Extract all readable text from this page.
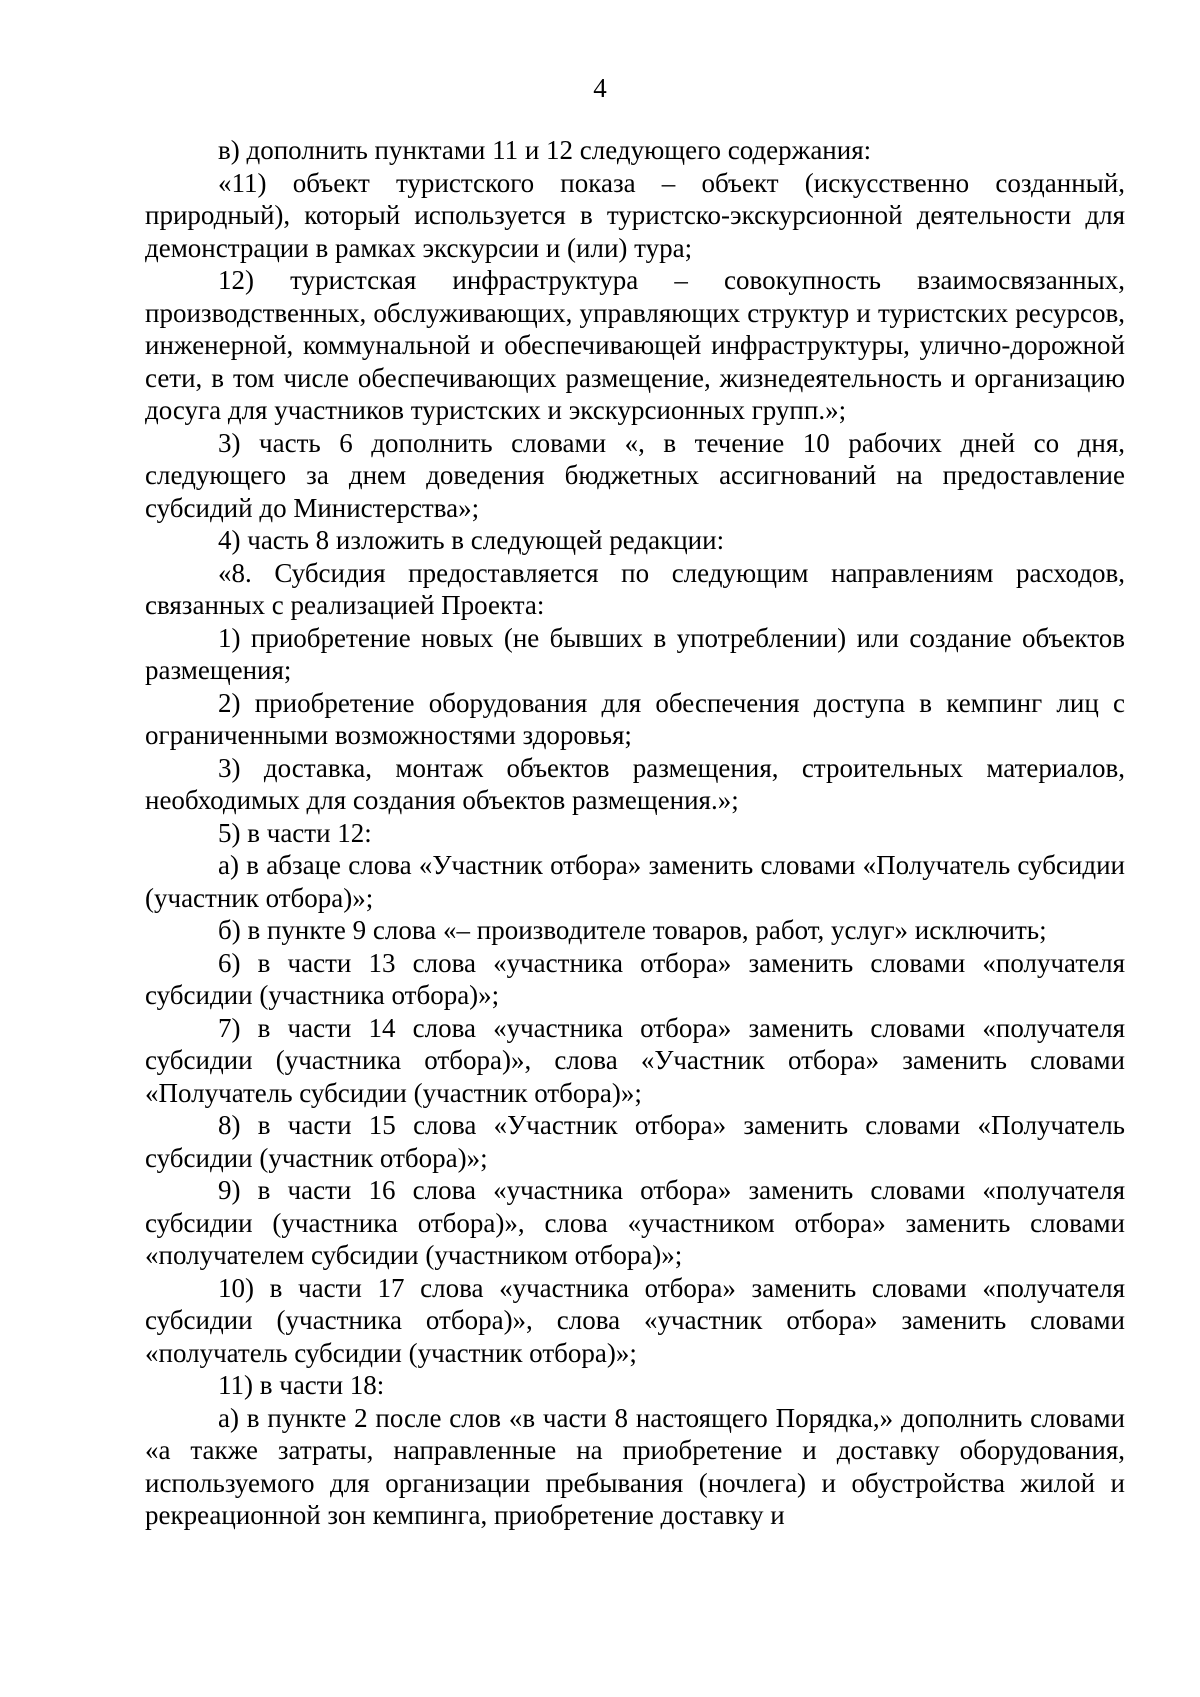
4

в) дополнить пунктами 11 и 12 следующего содержания:

«11) объект туристского показа – объект (искусственно созданный, природный), который используется в туристско-экскурсионной деятельности для демонстрации в рамках экскурсии и (или) тура;

12) туристская инфраструктура – совокупность взаимосвязанных, производственных, обслуживающих, управляющих структур и туристских ресурсов, инженерной, коммунальной и обеспечивающей инфраструктуры, улично-дорожной сети, в том числе обеспечивающих размещение, жизнедеятельность и организацию досуга для участников туристских и экскурсионных групп.»;

3) часть 6 дополнить словами «, в течение 10 рабочих дней со дня, следующего за днем доведения бюджетных ассигнований на предоставление субсидий до Министерства»;

4) часть 8 изложить в следующей редакции:

«8. Субсидия предоставляется по следующим направлениям расходов, связанных с реализацией Проекта:

1) приобретение новых (не бывших в употреблении) или создание объектов размещения;

2) приобретение оборудования для обеспечения доступа в кемпинг лиц с ограниченными возможностями здоровья;

3) доставка, монтаж объектов размещения, строительных материалов, необходимых для создания объектов размещения.»;

5) в части 12:

а) в абзаце слова «Участник отбора» заменить словами «Получатель субсидии (участник отбора)»;

б) в пункте 9 слова «– производителе товаров, работ, услуг» исключить;

6) в части 13 слова «участника отбора» заменить словами «получателя субсидии (участника отбора)»;

7) в части 14 слова «участника отбора» заменить словами «получателя субсидии (участника отбора)», слова «Участник отбора» заменить словами «Получатель субсидии (участник отбора)»;

8) в части 15 слова «Участник отбора» заменить словами «Получатель субсидии (участник отбора)»;

9) в части 16 слова «участника отбора» заменить словами «получателя субсидии (участника отбора)», слова «участником отбора» заменить словами «получателем субсидии (участником отбора)»;

10) в части 17 слова «участника отбора» заменить словами «получателя субсидии (участника отбора)», слова «участник отбора» заменить словами «получатель субсидии (участник отбора)»;

11) в части 18:

а) в пункте 2 после слов «в части 8 настоящего Порядка,» дополнить словами «а также затраты, направленные на приобретение и доставку оборудования, используемого для организации пребывания (ночлега) и обустройства жилой и рекреационной зон кемпинга, приобретение доставку и
